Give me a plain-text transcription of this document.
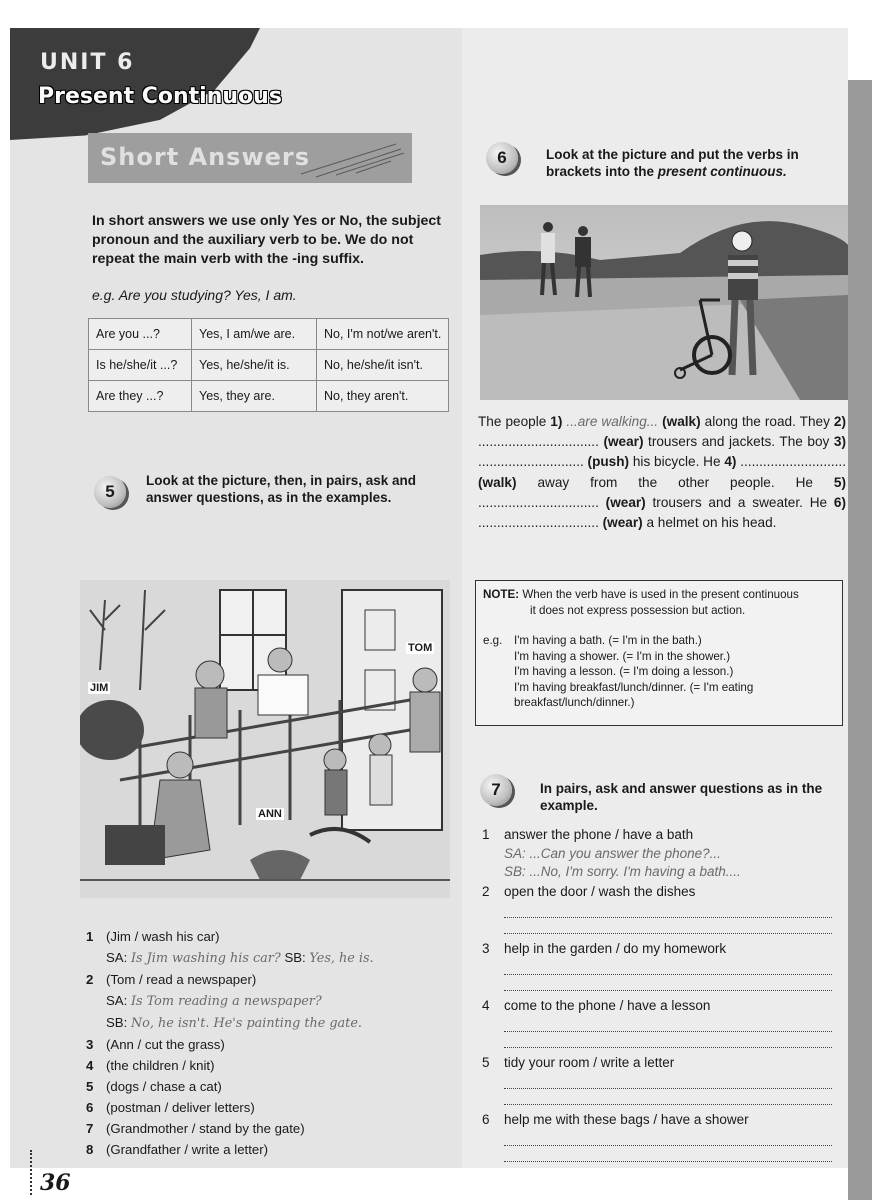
UNIT 6
Present Continuous
Short Answers
In short answers we use only Yes or No, the subject pronoun and the auxiliary verb to be. We do not repeat the main verb with the -ing suffix.
e.g. Are you studying? Yes, I am.
Are you ...?	Yes, I am/we are.	No, I'm not/we aren't.
Is he/she/it ...?	Yes, he/she/it is.	No, he/she/it isn't.
Are they ...?	Yes, they are.	No, they aren't.
5
Look at the picture, then, in pairs, ask and answer questions, as in the examples.
JIM
TOM
ANN
1 (Jim / wash his car)
SA: Is Jim washing his car? SB: Yes, he is.
2 (Tom / read a newspaper)
SA: Is Tom reading a newspaper?
SB: No, he isn't. He's painting the gate.
3 (Ann / cut the grass)
4 (the children / knit)
5 (dogs / chase a cat)
6 (postman / deliver letters)
7 (Grandmother / stand by the gate)
8 (Grandfather / write a letter)
6	Look at the picture and put the verbs in brackets into the present continuous.
The people 1) ...are walking... (walk) along the road. They 2) ................................ (wear) trousers and jackets. The boy 3) ............................ (push) his bicycle. He 4) ............................ (walk) away from the other people. He 5) ................................ (wear) trousers and a sweater. He 6) ................................ (wear) a helmet on his head.
NOTE: When the verb have is used in the present continuous
it does not express possession but action.
e.g. I'm having a bath. (= I'm in the bath.)
I'm having a shower. (= I'm in the shower.)
I'm having a lesson. (= I'm doing a lesson.)
I'm having breakfast/lunch/dinner. (= I'm eating breakfast/lunch/dinner.)
7	In pairs, ask and answer questions as in the example.
1 answer the phone / have a bath
SA: ...Can you answer the phone?...
SB: ...No, I'm sorry. I'm having a bath....
2 open the door / wash the dishes
3 help in the garden / do my homework
4 come to the phone / have a lesson
5 tidy your room / write a letter
6 help me with these bags / have a shower
36
